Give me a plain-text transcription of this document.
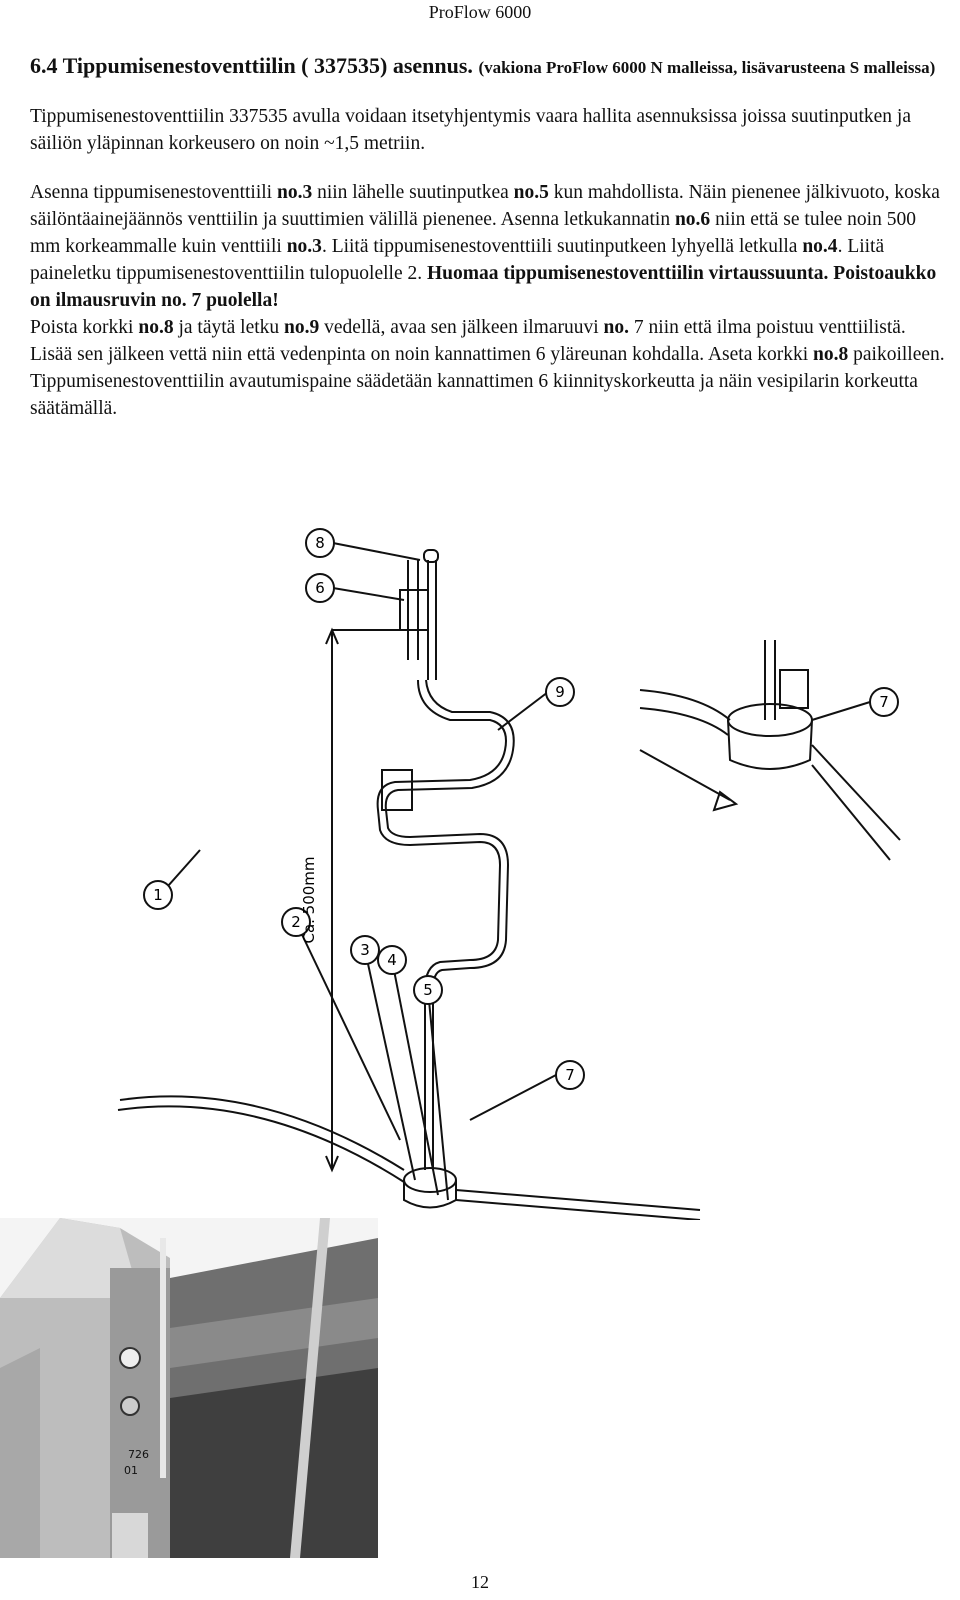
ProFlow 6000
6.4 Tippumisenestoventtiilin ( 337535) asennus. (vakiona ProFlow 6000 N malleissa, lisävarusteena S malleissa)
Tippumisenestoventtiilin 337535 avulla voidaan itsetyhjentymis vaara hallita asennuksissa joissa suutinputken ja säiliön yläpinnan korkeusero on noin ~1,5 metriin.
Asenna tippumisenestoventtiili no.3 niin lähelle suutinputkea no.5 kun mahdollista. Näin pienenee jälkivuoto, koska säilöntäainejäännös venttiilin ja suuttimien välillä pienenee. Asenna letkukannatin no.6 niin että se tulee noin 500 mm korkeammalle kuin venttiili no.3. Liitä tippumisenestoventtiili suutinputkeen lyhyellä letkulla no.4. Liitä paineletku tippumisenestoventtiilin tulopuolelle 2. Huomaa tippumisenestoventtiilin virtaussuunta. Poistoaukko on ilmausruvin no. 7 puolella!
Poista korkki no.8 ja täytä letku no.9 vedellä, avaa sen jälkeen ilmaruuvi no. 7 niin että ilma poistuu venttiilistä. Lisää sen jälkeen vettä niin että vedenpinta on noin kannattimen 6 yläreunan kohdalla. Aseta korkki no.8 paikoilleen. Tippumisenestoventtiilin avautumispaine säädetään kannattimen 6 kiinnityskorkeutta ja näin vesipilarin korkeutta säätämällä.
8
6
9
7
7
1
2
3
4
5
Ca. 500mm
726
01
12
